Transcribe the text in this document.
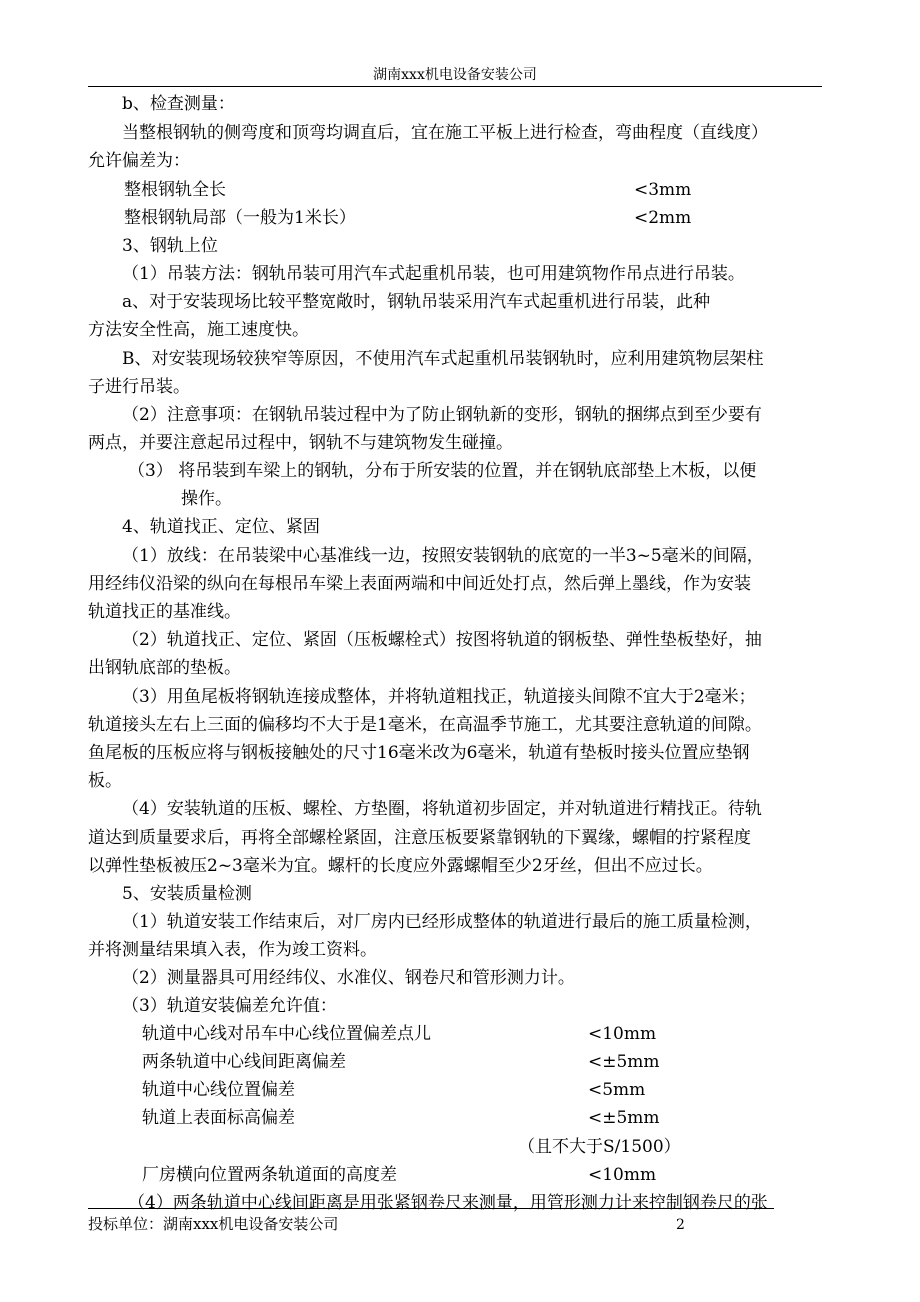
湖南xxx机电设备安装公司
b、检查测量：
当整根钢轨的侧弯度和顶弯均调直后，宜在施工平板上进行检查，弯曲程度（直线度）
允许偏差为：
整根钢轨全长	<3mm
整根钢轨局部（一般为1米长）	<2mm
3、钢轨上位
（1）吊装方法：钢轨吊装可用汽车式起重机吊装，也可用建筑物作吊点进行吊装。
a、对于安装现场比较平整宽敞时，钢轨吊装采用汽车式起重机进行吊装，此种
方法安全性高，施工速度快。
B、对安装现场较狭窄等原因，不使用汽车式起重机吊装钢轨时，应利用建筑物层架柱
子进行吊装。
（2）注意事项：在钢轨吊装过程中为了防止钢轨新的变形，钢轨的捆绑点到至少要有
两点，并要注意起吊过程中，钢轨不与建筑物发生碰撞。
（3） 将吊装到车梁上的钢轨，分布于所安装的位置，并在钢轨底部垫上木板，以便
操作。
4、轨道找正、定位、紧固
（1）放线：在吊装梁中心基准线一边，按照安装钢轨的底宽的一半3~5毫米的间隔，
用经纬仪沿梁的纵向在每根吊车梁上表面两端和中间近处打点，然后弹上墨线，作为安装
轨道找正的基准线。
（2）轨道找正、定位、紧固（压板螺栓式）按图将轨道的钢板垫、弹性垫板垫好，抽
出钢轨底部的垫板。
（3）用鱼尾板将钢轨连接成整体，并将轨道粗找正，轨道接头间隙不宜大于2毫米；
轨道接头左右上三面的偏移均不大于是1毫米，在高温季节施工，尤其要注意轨道的间隙。
鱼尾板的压板应将与钢板接触处的尺寸16毫米改为6毫米，轨道有垫板时接头位置应垫钢
板。
（4）安装轨道的压板、螺栓、方垫圈，将轨道初步固定，并对轨道进行精找正。待轨
道达到质量要求后，再将全部螺栓紧固，注意压板要紧靠钢轨的下翼缘，螺帽的拧紧程度
以弹性垫板被压2~3毫米为宜。螺杆的长度应外露螺帽至少2牙丝，但出不应过长。
5、安装质量检测
（1）轨道安装工作结束后，对厂房内已经形成整体的轨道进行最后的施工质量检测，
并将测量结果填入表，作为竣工资料。
（2）测量器具可用经纬仪、水准仪、钢卷尺和管形测力计。
（3）轨道安装偏差允许值：
轨道中心线对吊车中心线位置偏差点儿	<10mm
两条轨道中心线间距离偏差	<±5mm
轨道中心线位置偏差	<5mm
轨道上表面标高偏差	<±5mm
（且不大于S/1500）
厂房横向位置两条轨道面的高度差	<10mm
（4）两条轨道中心线间距离是用张紧钢卷尺来测量，用管形测力计来控制钢卷尺的张
投标单位：湖南xxx机电设备安装公司	2
